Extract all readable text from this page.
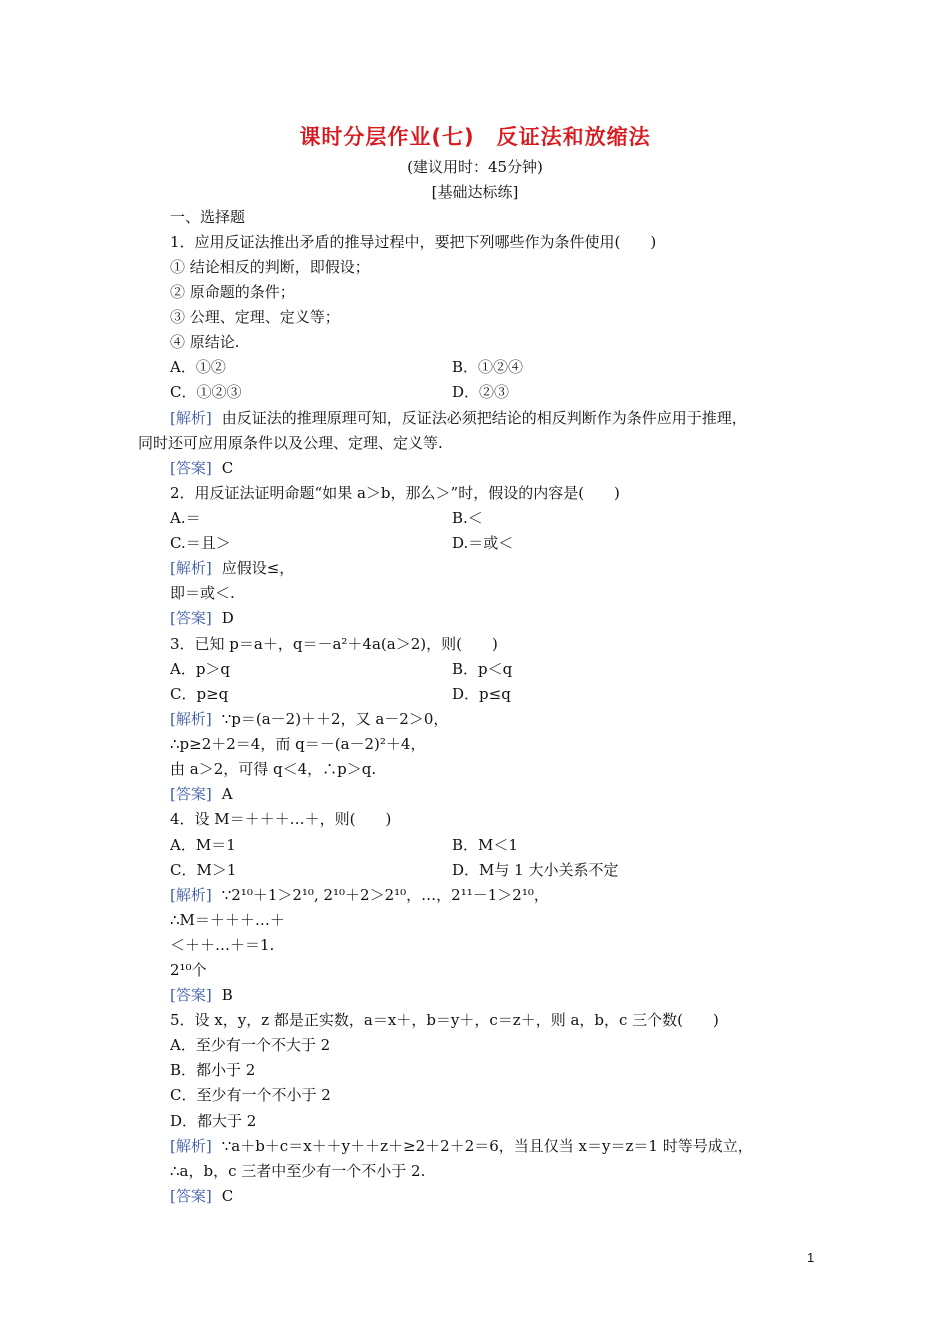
课时分层作业(七)　反证法和放缩法
(建议用时：45分钟)
[基础达标练]
一、选择题
1．应用反证法推出矛盾的推导过程中，要把下列哪些作为条件使用(　　)
① 结论相反的判断，即假设；
② 原命题的条件；
③ 公理、定理、定义等；
④ 原结论.
A．①②	B．①②④
C．①②③	D．②③
[解析] 由反证法的推理原理可知，反证法必须把结论的相反判断作为条件应用于推理，
同时还可应用原条件以及公理、定理、定义等.
[答案] C
2．用反证法证明命题“如果 a＞b，那么＞”时，假设的内容是(　　)
A.＝	B.＜
C.＝且＞	D.＝或＜
[解析] 应假设≤，
即＝或＜.
[答案] D
3．已知 p＝a＋，q＝－a²＋4a(a＞2)，则(　　)
A．p＞q	B．p＜q
C．p≥q	D．p≤q
[解析] ∵p＝(a－2)＋＋2，又 a－2＞0，
∴p≥2＋2＝4，而 q＝－(a－2)²＋4，
由 a＞2，可得 q＜4，∴p＞q.
[答案] A
4．设 M＝＋＋＋…＋，则(　　)
A．M＝1	B．M＜1
C．M＞1	D．M与 1 大小关系不定
[解析] ∵2¹⁰＋1＞2¹⁰, 2¹⁰＋2＞2¹⁰，…，2¹¹－1＞2¹⁰，
∴M＝＋＋＋…＋
＜＋＋…＋＝1.
2¹⁰个
[答案] B
5．设 x，y，z 都是正实数，a＝x＋，b＝y＋，c＝z＋，则 a，b，c 三个数(　　)
A．至少有一个不大于 2
B．都小于 2
C．至少有一个不小于 2
D．都大于 2
[解析] ∵a＋b＋c＝x＋＋y＋＋z＋≥2＋2＋2＝6，当且仅当 x＝y＝z＝1 时等号成立，
∴a，b，c 三者中至少有一个不小于 2.
[答案] C
1
